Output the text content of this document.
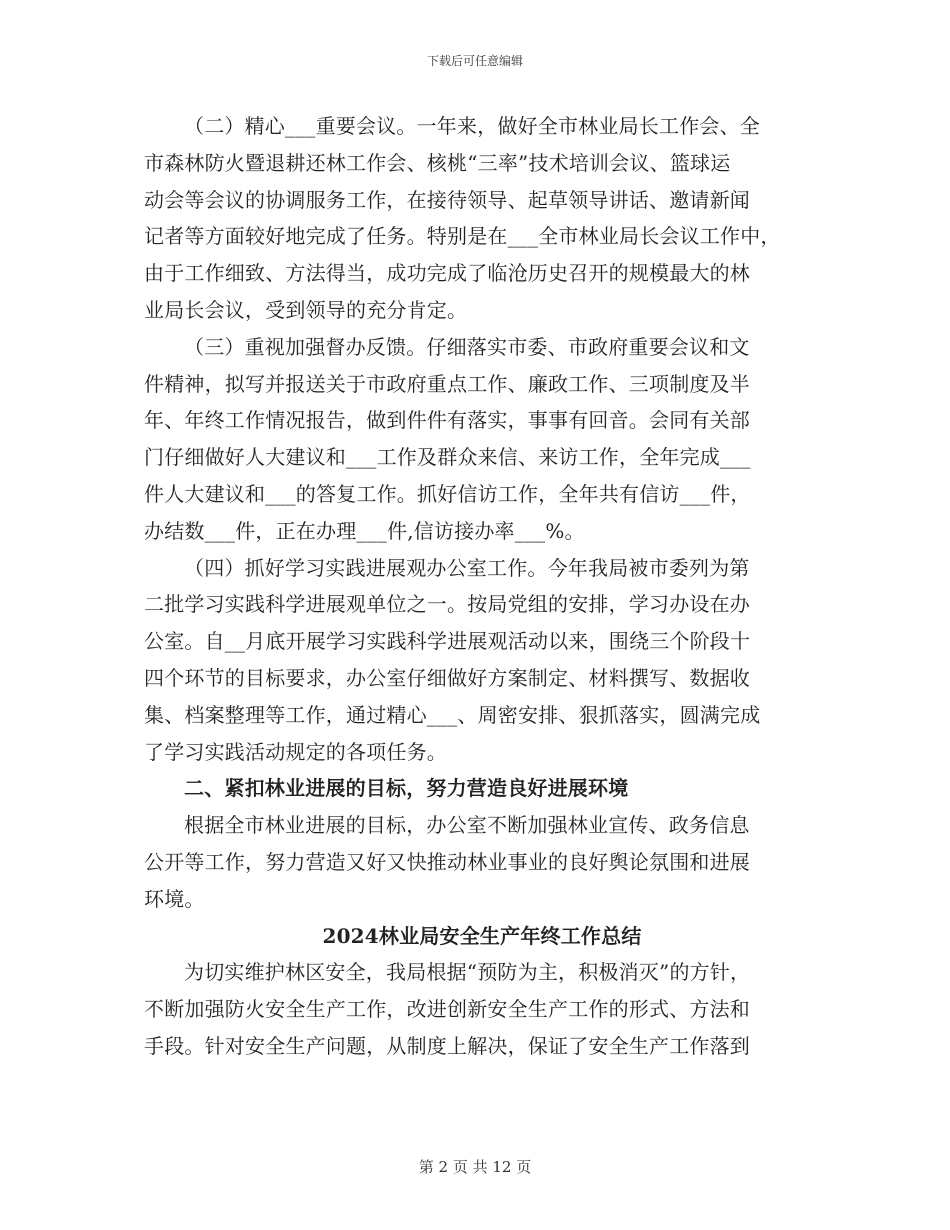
下载后可任意编辑
（二）精心___重要会议。一年来，做好全市林业局长工作会、全
市森林防火暨退耕还林工作会、核桃“三率”技术培训会议、篮球运
动会等会议的协调服务工作，在接待领导、起草领导讲话、邀请新闻
记者等方面较好地完成了任务。特别是在___全市林业局长会议工作中，
由于工作细致、方法得当，成功完成了临沧历史召开的规模最大的林
业局长会议，受到领导的充分肯定。
（三）重视加强督办反馈。仔细落实市委、市政府重要会议和文
件精神，拟写并报送关于市政府重点工作、廉政工作、三项制度及半
年、年终工作情况报告，做到件件有落实，事事有回音。会同有关部
门仔细做好人大建议和___工作及群众来信、来访工作，全年完成___
件人大建议和___的答复工作。抓好信访工作，全年共有信访___件，
办结数___件，正在办理___件,信访接办率___%。
（四）抓好学习实践进展观办公室工作。今年我局被市委列为第
二批学习实践科学进展观单位之一。按局党组的安排，学习办设在办
公室。自__月底开展学习实践科学进展观活动以来，围绕三个阶段十
四个环节的目标要求，办公室仔细做好方案制定、材料撰写、数据收
集、档案整理等工作，通过精心___、周密安排、狠抓落实，圆满完成
了学习实践活动规定的各项任务。
二、紧扣林业进展的目标，努力营造良好进展环境
根据全市林业进展的目标，办公室不断加强林业宣传、政务信息
公开等工作，努力营造又好又快推动林业事业的良好舆论氛围和进展
环境。
2024林业局安全生产年终工作总结
为切实维护林区安全，我局根据“预防为主，积极消灭”的方针，
不断加强防火安全生产工作，改进创新安全生产工作的形式、方法和
手段。针对安全生产问题，从制度上解决，保证了安全生产工作落到
第 2 页 共 12 页
